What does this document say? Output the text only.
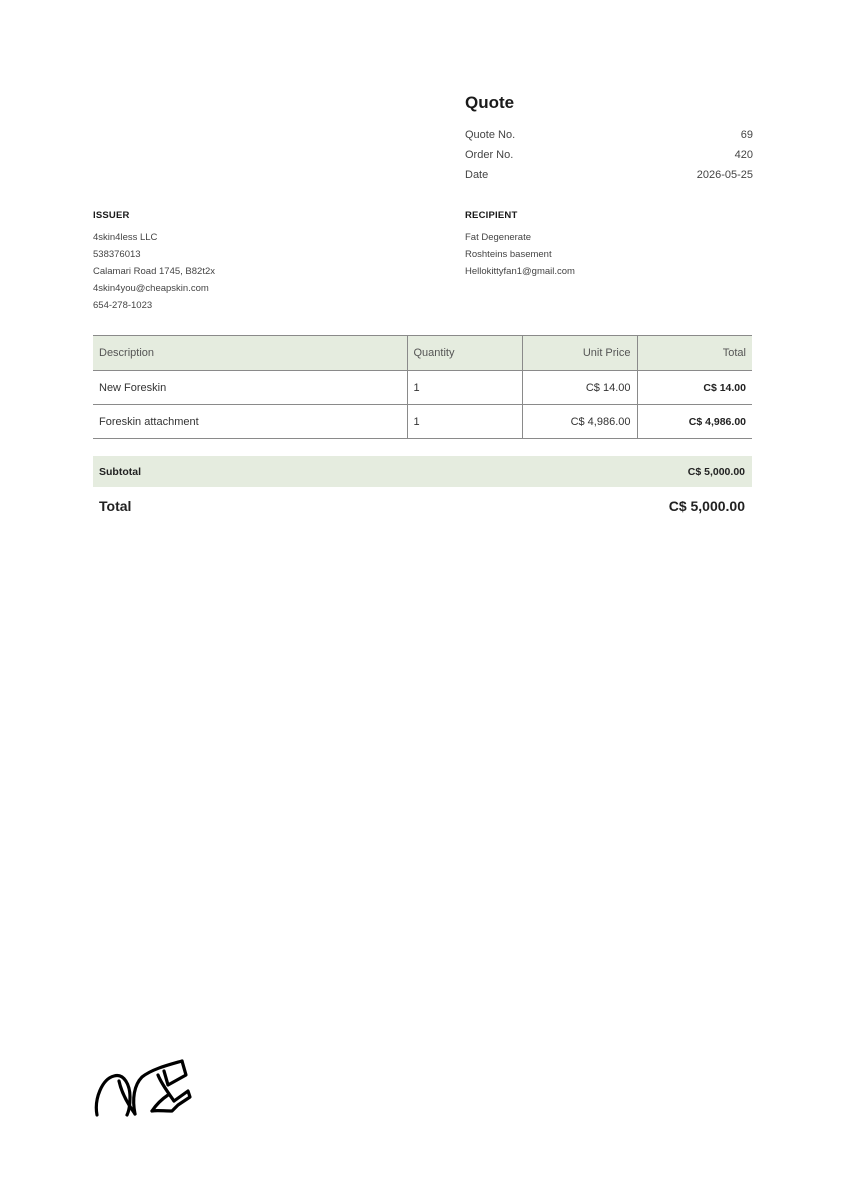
Quote
Quote No.	69
Order No.	420
Date	2026-05-25
ISSUER
4skin4less LLC
538376013
Calamari Road 1745, B82t2x
4skin4you@cheapskin.com
654-278-1023
RECIPIENT
Fat Degenerate
Roshteins basement
Hellokittyfan1@gmail.com
Description	Quantity	Unit Price	Total
New Foreskin	1	C$ 14.00	C$ 14.00
Foreskin attachment	1	C$ 4,986.00	C$ 4,986.00
Subtotal	C$ 5,000.00
Total	C$ 5,000.00
